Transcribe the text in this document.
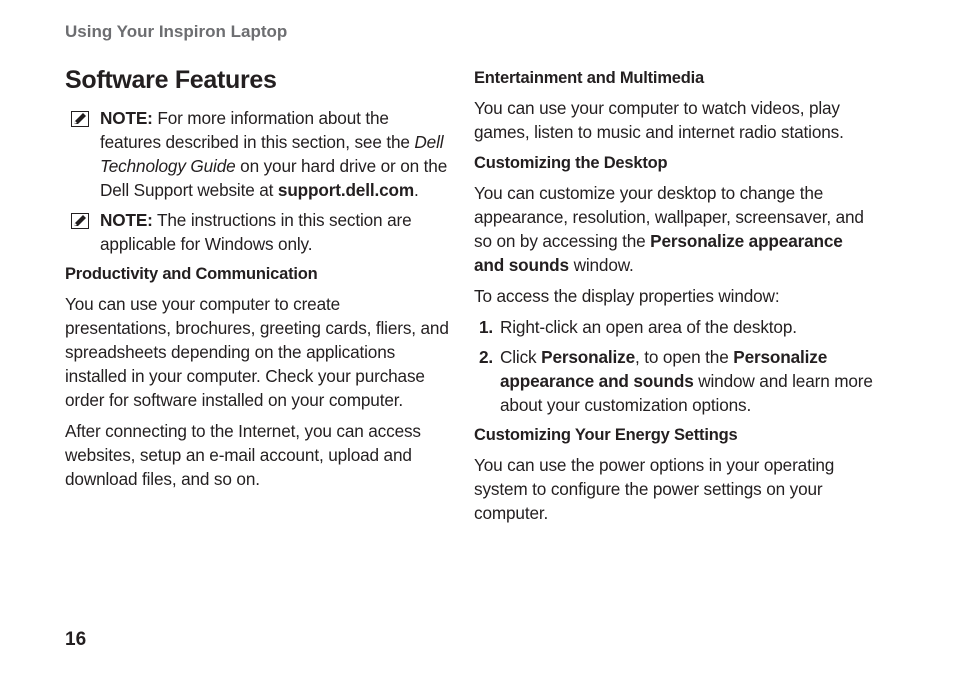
Using Your Inspiron Laptop
Software Features
NOTE: For more information about the features described in this section, see the Dell Technology Guide on your hard drive or on the Dell Support website at support.dell.com.
NOTE: The instructions in this section are applicable for Windows only.
Productivity and Communication

You can use your computer to create presentations, brochures, greeting cards, fliers, and spreadsheets depending on the applications installed in your computer. Check your purchase order for software installed on your computer.

After connecting to the Internet, you can access websites, setup an e-mail account, upload and download files, and so on.

Entertainment and Multimedia

You can use your computer to watch videos, play games, listen to music and internet radio stations.

Customizing the Desktop

You can customize your desktop to change the appearance, resolution, wallpaper, screensaver, and so on by accessing the Personalize appearance and sounds window.

To access the display properties window:

1. Right-click an open area of the desktop.
2. Click Personalize, to open the Personalize appearance and sounds window and learn more about your customization options.
Customizing Your Energy Settings

You can use the power options in your operating system to configure the power settings on your computer.

16
